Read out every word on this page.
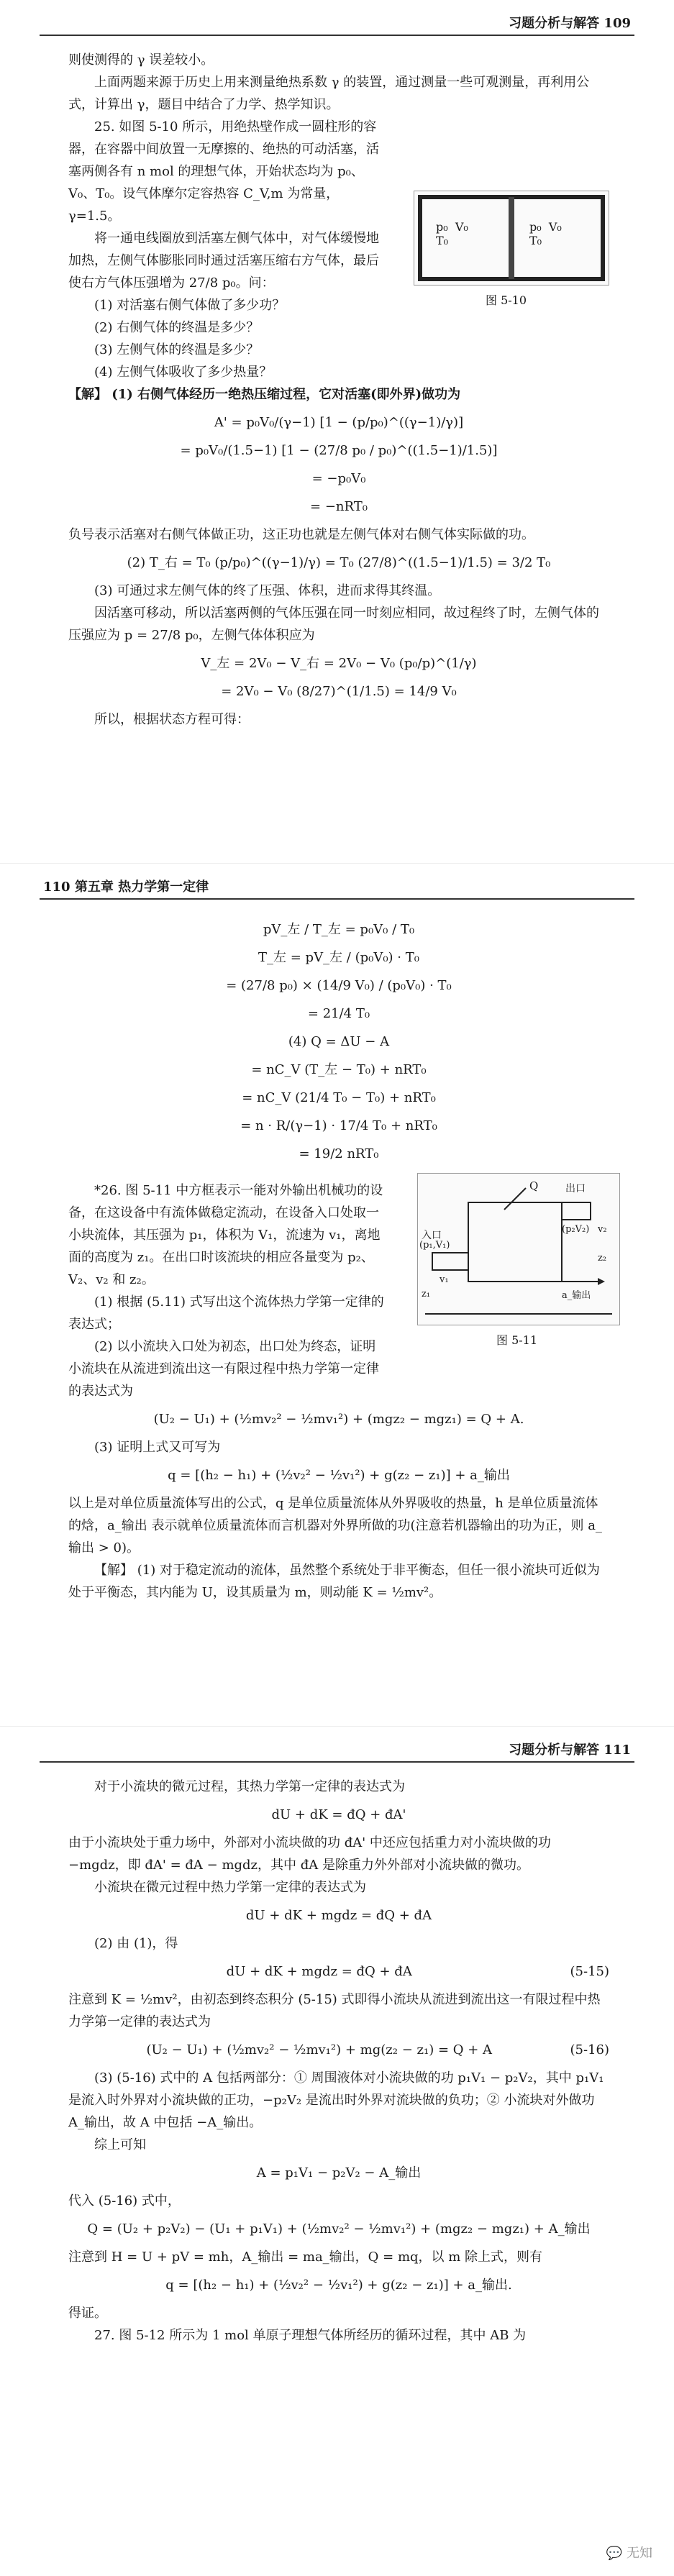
习题分析与解答 109

则使测得的 γ 误差较小。

上面两题来源于历史上用来测量绝热系数 γ 的装置，通过测量一些可观测量，再利用公式，计算出 γ，题目中结合了力学、热学知识。

25. 如图 5-10 所示，用绝热壁作成一圆柱形的容器，在容器中间放置一无摩擦的、绝热的可动活塞，活塞两侧各有 n mol 的理想气体，开始状态均为 p₀、V₀、T₀。设气体摩尔定容热容 C_V,m 为常量，γ=1.5。

将一通电线圈放到活塞左侧气体中，对气体缓慢地加热，左侧气体膨胀同时通过活塞压缩右方气体，最后使右方气体压强增为 27/8 p₀。问：

(1) 对活塞右侧气体做了多少功？

(2) 右侧气体的终温是多少？

(3) 左侧气体的终温是多少？

(4) 左侧气体吸收了多少热量？

【解】 (1) 右侧气体经历一绝热压缩过程，它对活塞(即外界)做功为

A' = p₀V₀/(γ−1) [1 − (p/p₀)^((γ−1)/γ)]

= p₀V₀/(1.5−1) [1 − (27/8 p₀ / p₀)^((1.5−1)/1.5)]

= −p₀V₀

= −nRT₀

负号表示活塞对右侧气体做正功，这正功也就是左侧气体对右侧气体实际做的功。

(2) T_右 = T₀ (p/p₀)^((γ−1)/γ) = T₀ (27/8)^((1.5−1)/1.5) = 3/2 T₀

(3) 可通过求左侧气体的终了压强、体积，进而求得其终温。

因活塞可移动，所以活塞两侧的气体压强在同一时刻应相同，故过程终了时，左侧气体的压强应为 p = 27/8 p₀，左侧气体体积应为

V_左 = 2V₀ − V_右 = 2V₀ − V₀ (p₀/p)^(1/γ)

= 2V₀ − V₀ (8/27)^(1/1.5) = 14/9 V₀

所以，根据状态方程可得：

p₀ V₀
T₀
p₀ V₀
T₀
图 5-10
110 第五章 热力学第一定律

pV_左 / T_左 = p₀V₀ / T₀

T_左 = pV_左 / (p₀V₀) · T₀

= (27/8 p₀) × (14/9 V₀) / (p₀V₀) · T₀

= 21/4 T₀

(4) Q = ΔU − A

= nC_V (T_左 − T₀) + nRT₀

= nC_V (21/4 T₀ − T₀) + nRT₀

= n · R/(γ−1) · 17/4 T₀ + nRT₀

= 19/2 nRT₀

*26. 图 5-11 中方框表示一能对外输出机械功的设备，在这设备中有流体做稳定流动，在设备入口处取一小块流体，其压强为 p₁，体积为 V₁，流速为 v₁，离地面的高度为 z₁。在出口时该流块的相应各量变为 p₂、V₂、v₂ 和 z₂。

(1) 根据 (5.11) 式写出这个流体热力学第一定律的表达式；

(2) 以小流块入口处为初态，出口处为终态，证明小流块在从流进到流出这一有限过程中热力学第一定律的表达式为

(U₂ − U₁) + (½mv₂² − ½mv₁²) + (mgz₂ − mgz₁) = Q + A.

(3) 证明上式又可写为

q = [(h₂ − h₁) + (½v₂² − ½v₁²) + g(z₂ − z₁)] + a_输出

以上是对单位质量流体写出的公式，q 是单位质量流体从外界吸收的热量，h 是单位质量流体的焓，a_输出 表示就单位质量流体而言机器对外界所做的功(注意若机器输出的功为正，则 a_输出 > 0)。

【解】 (1) 对于稳定流动的流体，虽然整个系统处于非平衡态，但任一很小流块可近似为处于平衡态，其内能为 U，设其质量为 m，则动能 K = ½mv²。

Q	出口
(p₂V₂)
入口
(p₁,V₁)
v₁
v₂
z₁
z₂
a_输出
图 5-11
习题分析与解答 111

对于小流块的微元过程，其热力学第一定律的表达式为

dU + dK = đQ + đA'

由于小流块处于重力场中，外部对小流块做的功 đA' 中还应包括重力对小流块做的功 −mgdz，即 đA' = đA − mgdz，其中 đA 是除重力外外部对小流块做的微功。

小流块在微元过程中热力学第一定律的表达式为

dU + dK + mgdz = đQ + đA

(2) 由 (1)，得

dU + dK + mgdz = đQ + đA	(5-15)

注意到 K = ½mv²，由初态到终态积分 (5-15) 式即得小流块从流进到流出这一有限过程中热力学第一定律的表达式为

(U₂ − U₁) + (½mv₂² − ½mv₁²) + mg(z₂ − z₁) = Q + A	(5-16)

(3) (5-16) 式中的 A 包括两部分：① 周围液体对小流块做的功 p₁V₁ − p₂V₂，其中 p₁V₁ 是流入时外界对小流块做的正功，−p₂V₂ 是流出时外界对流块做的负功；② 小流块对外做功 A_输出，故 A 中包括 −A_输出。

综上可知

A = p₁V₁ − p₂V₂ − A_输出

代入 (5-16) 式中，

Q = (U₂ + p₂V₂) − (U₁ + p₁V₁) + (½mv₂² − ½mv₁²) + (mgz₂ − mgz₁) + A_输出

注意到 H = U + pV = mh，A_输出 = ma_输出，Q = mq，以 m 除上式，则有

q = [(h₂ − h₁) + (½v₂² − ½v₁²) + g(z₂ − z₁)] + a_输出.

得证。

27. 图 5-12 所示为 1 mol 单原子理想气体所经历的循环过程，其中 AB 为

💬 无知
